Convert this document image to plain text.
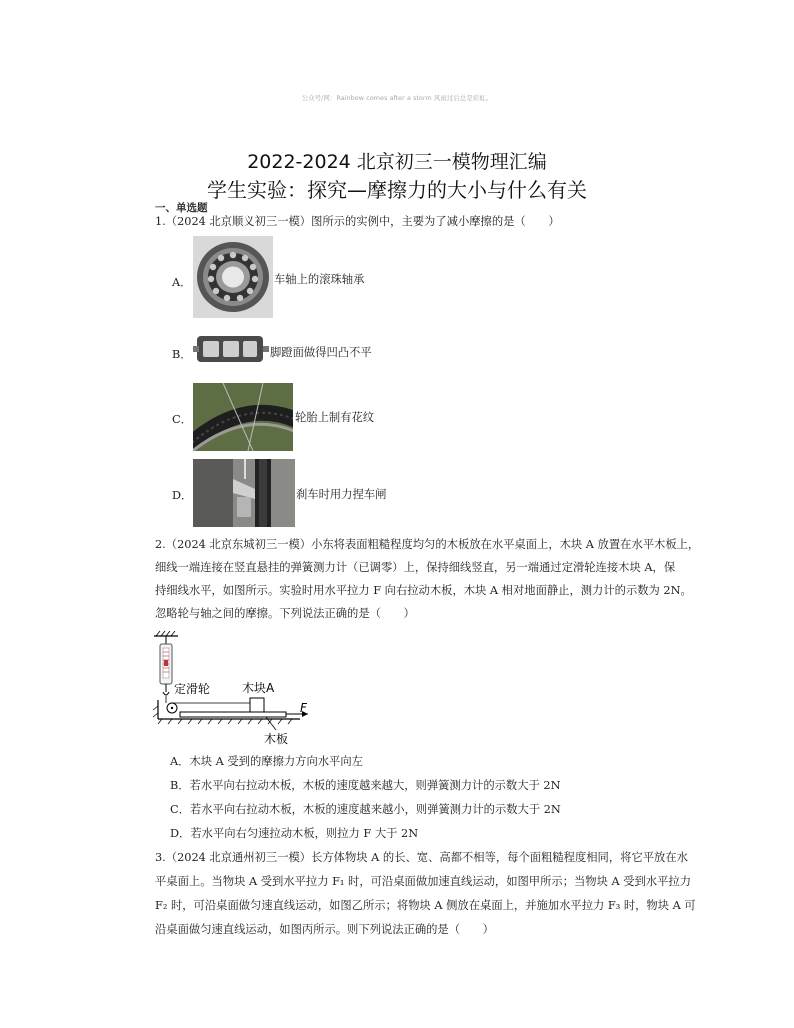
公众号/网：Rainbow comes after a storm 风雨过后总是彩虹。
2022-2024 北京初三一模物理汇编
学生实验：探究—摩擦力的大小与什么有关
一、单选题
1.（2024 北京顺义初三一模）图所示的实例中，主要为了减小摩擦的是（　　）
A．	车轴上的滚珠轴承
B．	脚蹬面做得凹凸不平
C．	轮胎上制有花纹
D．	刹车时用力捏车闸
2.（2024 北京东城初三一模）小东将表面粗糙程度均匀的木板放在水平桌面上，木块 A 放置在水平木板上，
细线一端连接在竖直悬挂的弹簧测力计（已调零）上，保持细线竖直，另一端通过定滑轮连接木块 A，保
持细线水平，如图所示。实验时用水平拉力 F 向右拉动木板，木块 A 相对地面静止，测力计的示数为 2N。
忽略轮与轴之间的摩擦。下列说法正确的是（　　）
定滑轮	木块A
F
木板
A．木块 A 受到的摩擦力方向水平向左
B．若水平向右拉动木板，木板的速度越来越大，则弹簧测力计的示数大于 2N
C．若水平向右拉动木板，木板的速度越来越小，则弹簧测力计的示数大于 2N
D．若水平向右匀速拉动木板，则拉力 F 大于 2N
3.（2024 北京通州初三一模）长方体物块 A 的长、宽、高都不相等，每个面粗糙程度相同，将它平放在水
平桌面上。当物块 A 受到水平拉力 F₁ 时，可沿桌面做加速直线运动，如图甲所示；当物块 A 受到水平拉力
F₂ 时，可沿桌面做匀速直线运动，如图乙所示；将物块 A 侧放在桌面上，并施加水平拉力 F₃ 时，物块 A 可
沿桌面做匀速直线运动，如图丙所示。则下列说法正确的是（　　）
